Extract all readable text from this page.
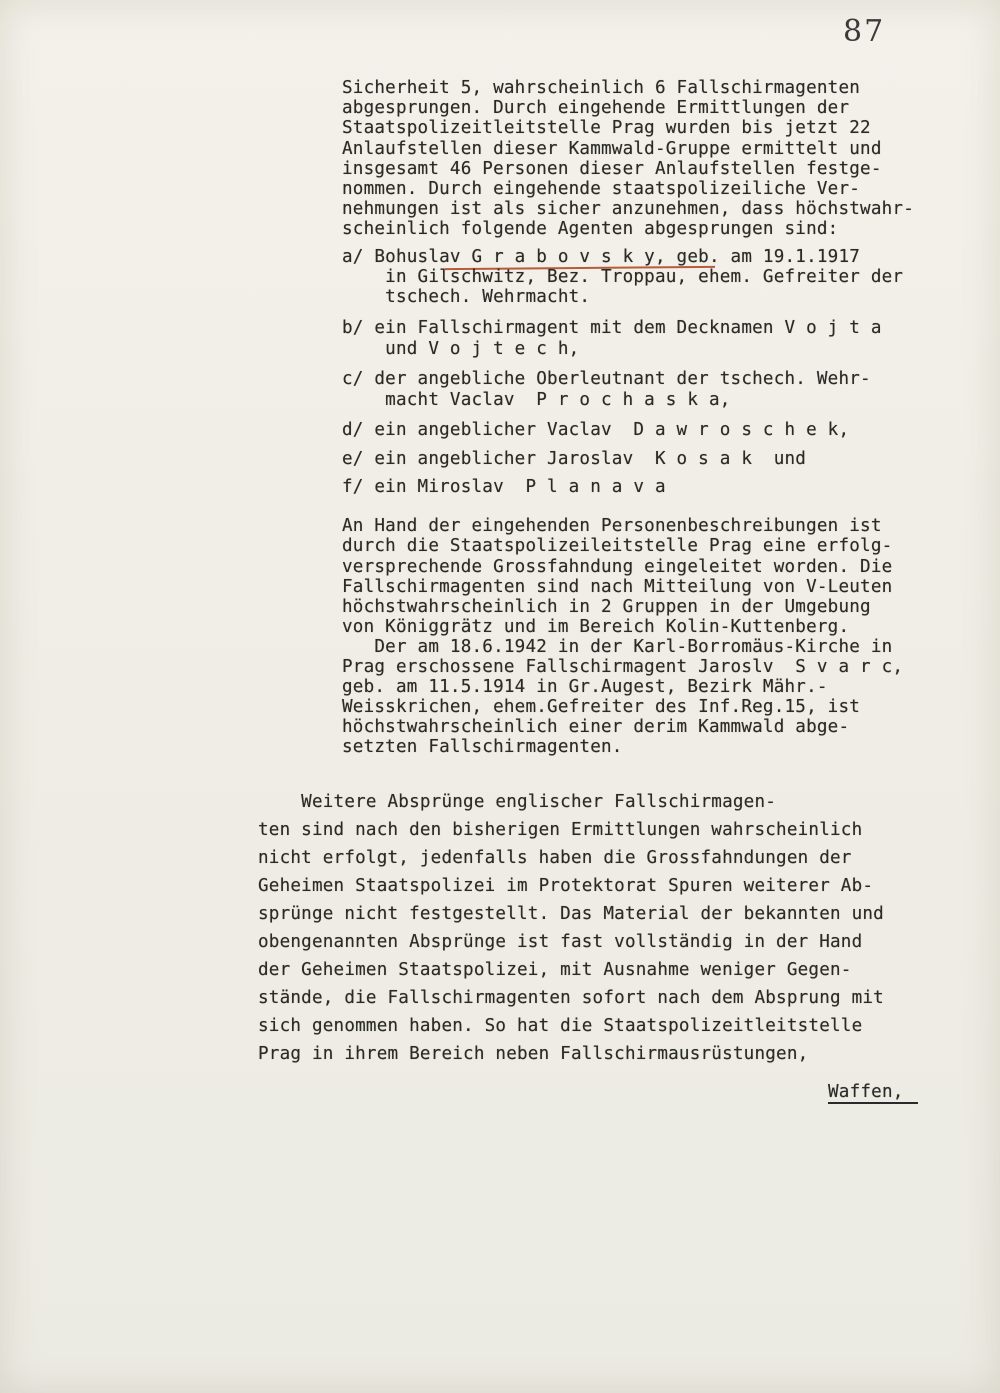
87
Sicherheit 5, wahrscheinlich 6 Fallschirmagenten
abgesprungen. Durch eingehende Ermittlungen der
Staatspolizeitleitstelle Prag wurden bis jetzt 22
Anlaufstellen dieser Kammwald-Gruppe ermittelt und
insgesamt 46 Personen dieser Anlaufstellen festge-
nommen. Durch eingehende staatspolizeiliche Ver-
nehmungen ist als sicher anzunehmen, dass höchstwahr-
scheinlich folgende Agenten abgesprungen sind:
a/ Bohuslav G r a b o v s k y, geb. am 19.1.1917
in Gilschwitz, Bez. Troppau, ehem. Gefreiter der
tschech. Wehrmacht.
b/ ein Fallschirmagent mit dem Decknamen V o j t a
und V o j t e c h,
c/ der angebliche Oberleutnant der tschech. Wehr-
macht Vaclav  P r o c h a s k a,
d/ ein angeblicher Vaclav  D a w r o s c h e k,
e/ ein angeblicher Jaroslav  K o s a k  und
f/ ein Miroslav  P l a n a v a
An Hand der eingehenden Personenbeschreibungen ist
durch die Staatspolizeileitstelle Prag eine erfolg-
versprechende Grossfahndung eingeleitet worden. Die
Fallschirmagenten sind nach Mitteilung von V-Leuten
höchstwahrscheinlich in 2 Gruppen in der Umgebung
von Königgrätz und im Bereich Kolin-Kuttenberg.
Der am 18.6.1942 in der Karl-Borromäus-Kirche in
Prag erschossene Fallschirmagent Jaroslv  S v a r c,
geb. am 11.5.1914 in Gr.Augest, Bezirk Mähr.-
Weisskrichen, ehem.Gefreiter des Inf.Reg.15, ist
höchstwahrscheinlich einer derim Kammwald abge-
setzten Fallschirmagenten.
Weitere Absprünge englischer Fallschirmagen-
ten sind nach den bisherigen Ermittlungen wahrscheinlich
nicht erfolgt, jedenfalls haben die Grossfahndungen der
Geheimen Staatspolizei im Protektorat Spuren weiterer Ab-
sprünge nicht festgestellt. Das Material der bekannten und
obengenannten Absprünge ist fast vollständig in der Hand
der Geheimen Staatspolizei, mit Ausnahme weniger Gegen-
stände, die Fallschirmagenten sofort nach dem Absprung mit
sich genommen haben. So hat die Staatspolizeitleitstelle
Prag in ihrem Bereich neben Fallschirmausrüstungen,
Waffen,
